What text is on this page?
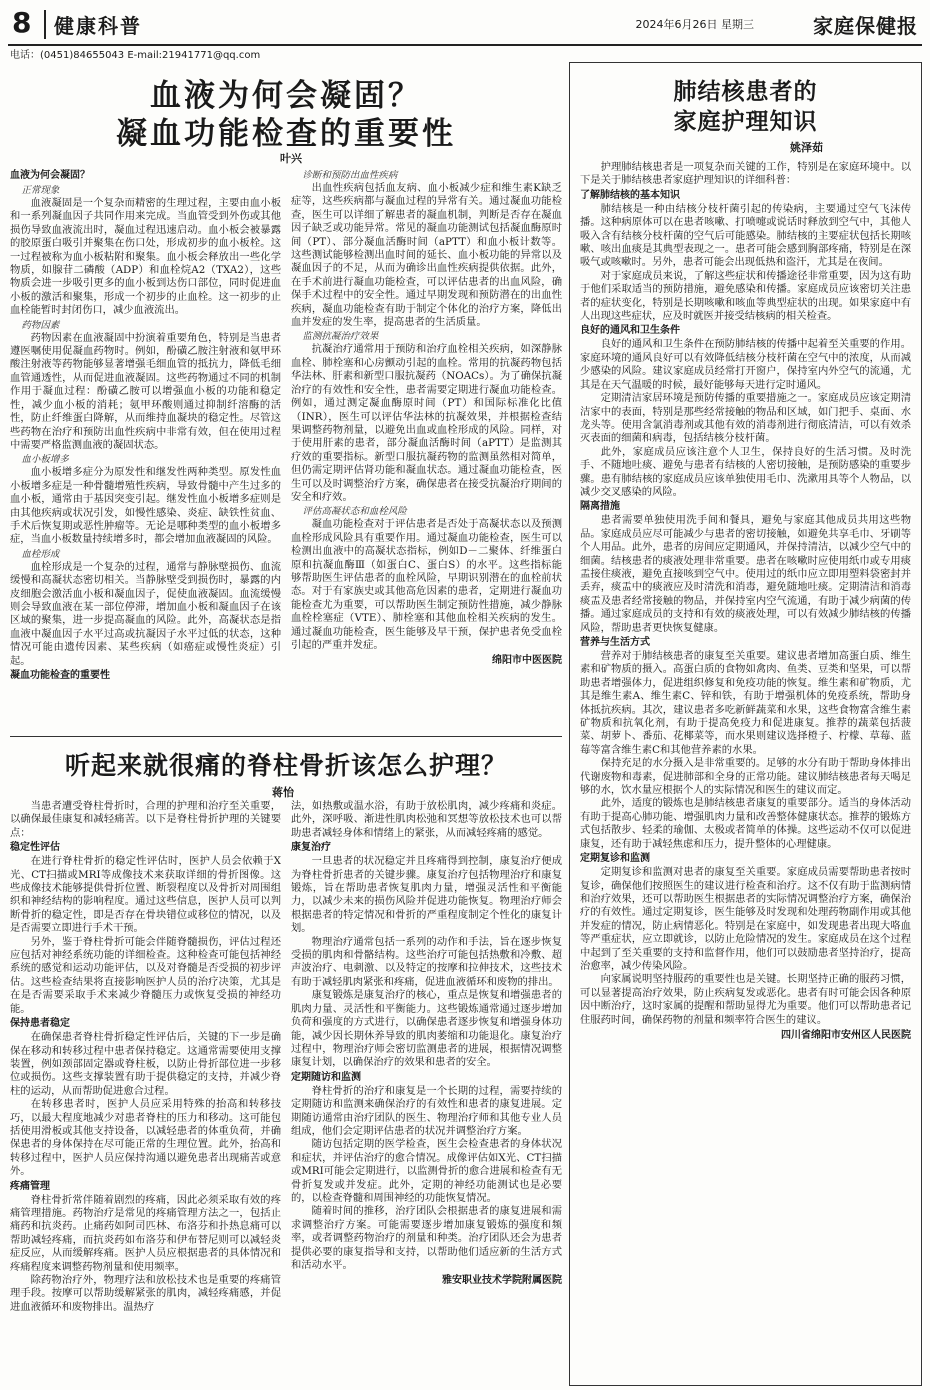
8	健康科普	2024年6月26日 星期三	家庭保健报
电话：(0451)84655043 E-mail:21941771@qq.com
血液为何会凝固？
凝血功能检查的重要性
叶兴
血液为何会凝固？
正常现象

血液凝固是一个复杂而精密的生理过程，主要由血小板和一系列凝血因子共同作用来完成。当血管受到外伤或其他损伤导致血液流出时，凝血过程迅速启动。血小板会被暴露的胶原蛋白吸引并聚集在伤口处，形成初步的血小板栓。这一过程被称为血小板粘附和聚集。血小板会释放出一些化学物质，如腺苷二磷酸（ADP）和血栓烷A2（TXA2），这些物质会进一步吸引更多的血小板到达伤口部位，同时促进血小板的激活和聚集，形成一个初步的止血栓。这一初步的止血栓能暂时封闭伤口，减少血液流出。

药物因素

药物因素在血液凝固中扮演着重要角色，特别是当患者遵医嘱使用促凝血药物时。例如，酚磺乙胺注射液和氨甲环酸注射液等药物能够显著增强毛细血管的抵抗力，降低毛细血管通透性，从而促进血液凝固。这些药物通过不同的机制作用于凝血过程：酚磺乙胺可以增强血小板的功能和稳定性，减少血小板的消耗；氨甲环酸则通过抑制纤溶酶的活性，防止纤维蛋白降解，从而维持血凝块的稳定性。尽管这些药物在治疗和预防出血性疾病中非常有效，但在使用过程中需要严格监测血液的凝固状态。

血小板增多

血小板增多症分为原发性和继发性两种类型。原发性血小板增多症是一种骨髓增殖性疾病，导致骨髓中产生过多的血小板，通常由于基因突变引起。继发性血小板增多症则是由其他疾病或状况引发，如慢性感染、炎症、缺铁性贫血、手术后恢复期或恶性肿瘤等。无论是哪种类型的血小板增多症，当血小板数量持续增多时，都会增加血液凝固的风险。

血栓形成

血栓形成是一个复杂的过程，通常与静脉壁损伤、血流缓慢和高凝状态密切相关。当静脉壁受到损伤时，暴露的内皮细胞会激活血小板和凝血因子，促使血液凝固。血流缓慢则会导致血液在某一部位停滞，增加血小板和凝血因子在该区域的聚集，进一步提高凝血的风险。此外，高凝状态是指血液中凝血因子水平过高或抗凝因子水平过低的状态，这种情况可能由遗传因素、某些疾病（如癌症或慢性炎症）引起。

凝血功能检查的重要性
诊断和预防出血性疾病

出血性疾病包括血友病、血小板减少症和维生素K缺乏症等，这些疾病都与凝血过程的异常有关。通过凝血功能检查，医生可以详细了解患者的凝血机制，判断是否存在凝血因子缺乏或功能异常。常见的凝血功能测试包括凝血酶原时间（PT）、部分凝血活酶时间（aPTT）和血小板计数等。这些测试能够检测出血时间的延长、血小板功能的异常以及凝血因子的不足，从而为确诊出血性疾病提供依据。此外，在手术前进行凝血功能检查，可以评估患者的出血风险，确保手术过程中的安全性。通过早期发现和预防潜在的出血性疾病，凝血功能检查有助于制定个体化的治疗方案，降低出血并发症的发生率，提高患者的生活质量。

监测抗凝治疗效果

抗凝治疗通常用于预防和治疗血栓相关疾病，如深静脉血栓、肺栓塞和心房颤动引起的血栓。常用的抗凝药物包括华法林、肝素和新型口服抗凝药（NOACs）。为了确保抗凝治疗的有效性和安全性，患者需要定期进行凝血功能检查。例如，通过测定凝血酶原时间（PT）和国际标准化比值（INR），医生可以评估华法林的抗凝效果，并根据检查结果调整药物剂量，以避免出血或血栓形成的风险。同样，对于使用肝素的患者，部分凝血活酶时间（aPTT）是监测其疗效的重要指标。新型口服抗凝药物的监测虽然相对简单，但仍需定期评估肾功能和凝血状态。通过凝血功能检查，医生可以及时调整治疗方案，确保患者在接受抗凝治疗期间的安全和疗效。

评估高凝状态和血栓风险

凝血功能检查对于评估患者是否处于高凝状态以及预测血栓形成风险具有重要作用。通过凝血功能检查，医生可以检测出血液中的高凝状态指标，例如D－二聚体、纤维蛋白原和抗凝血酶Ⅲ（如蛋白C、蛋白S）的水平。这些指标能够帮助医生评估患者的血栓风险，早期识别潜在的血栓前状态。对于有家族史或其他高危因素的患者，定期进行凝血功能检查尤为重要，可以帮助医生制定预防性措施，减少静脉血栓栓塞症（VTE）、肺栓塞和其他血栓相关疾病的发生。通过凝血功能检查，医生能够及早干预，保护患者免受血栓引起的严重并发症。

绵阳市中医医院
听起来就很痛的脊柱骨折该怎么护理？
蒋怡

当患者遭受脊柱骨折时，合理的护理和治疗至关重要，以确保最佳康复和减轻痛苦。以下是脊柱骨折护理的关键要点：

稳定性评估

在进行脊柱骨折的稳定性评估时，医护人员会依赖于X光、CT扫描或MRI等成像技术来获取详细的骨折图像。这些成像技术能够提供骨折位置、断裂程度以及骨折对周围组织和神经结构的影响程度。通过这些信息，医护人员可以判断骨折的稳定性，即是否存在骨块错位或移位的情况，以及是否需要立即进行手术干预。

另外，鉴于脊柱骨折可能会伴随脊髓损伤，评估过程还应包括对神经系统功能的详细检查。这种检查可能包括神经系统的感觉和运动功能评估，以及对脊髓是否受损的初步评估。这些检查结果将直接影响医护人员的治疗决策，尤其是在是否需要采取手术来减少脊髓压力或恢复受损的神经功能。

保持患者稳定

在确保患者脊柱骨折稳定性评估后，关键的下一步是确保在移动和转移过程中患者保持稳定。这通常需要使用支撑装置，例如颈部固定器或脊柱板，以防止骨折部位进一步移位或损伤。这些支撑装置有助于提供稳定的支持，并减少脊柱的运动，从而帮助促进愈合过程。

在转移患者时，医护人员应采用特殊的抬高和转移技巧，以最大程度地减少对患者脊柱的压力和移动。这可能包括使用滑板或其他支持设备，以减轻患者的体重负荷，并确保患者的身体保持在尽可能正常的生理位置。此外，抬高和转移过程中，医护人员应保持沟通以避免患者出现痛苦或意外。

疼痛管理

脊柱骨折常伴随着剧烈的疼痛，因此必须采取有效的疼痛管理措施。药物治疗是常见的疼痛管理方法之一，包括止痛药和抗炎药。止痛药如阿司匹林、布洛芬和扑热息痛可以帮助减轻疼痛，而抗炎药如布洛芬和伊布替尼则可以减轻炎症反应，从而缓解疼痛。医护人员应根据患者的具体情况和疼痛程度来调整药物剂量和使用频率。

除药物治疗外，物理疗法和放松技术也是重要的疼痛管理手段。按摩可以帮助缓解紧张的肌肉，减轻疼痛感，并促进血液循环和废物排出。温热疗

法，如热敷或温水浴，有助于放松肌肉，减少疼痛和炎症。此外，深呼吸、渐进性肌肉松弛和冥想等放松技术也可以帮助患者减轻身体和情绪上的紧张，从而减轻疼痛的感觉。

康复治疗

一旦患者的状况稳定并且疼痛得到控制，康复治疗便成为脊柱骨折患者的关键步骤。康复治疗包括物理治疗和康复锻炼，旨在帮助患者恢复肌肉力量，增强灵活性和平衡能力，以减少未来的损伤风险并促进功能恢复。物理治疗师会根据患者的特定情况和骨折的严重程度制定个性化的康复计划。

物理治疗通常包括一系列的动作和手法，旨在逐步恢复受损的肌肉和骨骼结构。这些治疗可能包括热敷和冷敷、超声波治疗、电刺激、以及特定的按摩和拉伸技术，这些技术有助于减轻肌肉紧张和疼痛，促进血液循环和废物的排出。

康复锻炼是康复治疗的核心，重点是恢复和增强患者的肌肉力量、灵活性和平衡能力。这些锻炼通常通过逐步增加负荷和强度的方式进行，以确保患者逐步恢复和增强身体功能，减少因长期休养导致的肌肉萎缩和功能退化。康复治疗过程中，物理治疗师会密切监测患者的进展，根据情况调整康复计划，以确保治疗的效果和患者的安全。

定期随访和监测

脊柱骨折的治疗和康复是一个长期的过程，需要持续的定期随访和监测来确保治疗的有效性和患者的康复进展。定期随访通常由治疗团队的医生、物理治疗师和其他专业人员组成，他们会定期评估患者的状况并调整治疗方案。

随访包括定期的医学检查，医生会检查患者的身体状况和症状，并评估治疗的愈合情况。成像评估如X光、CT扫描或MRI可能会定期进行，以监测骨折的愈合进展和检查有无骨折复发或并发症。此外，定期的神经功能测试也是必要的，以检查脊髓和周围神经的功能恢复情况。

随着时间的推移，治疗团队会根据患者的康复进展和需求调整治疗方案。可能需要逐步增加康复锻炼的强度和频率，或者调整药物治疗的剂量和种类。治疗团队还会为患者提供必要的康复指导和支持，以帮助他们适应新的生活方式和活动水平。

雅安职业技术学院附属医院
肺结核患者的
家庭护理知识
姚泽茹

护理肺结核患者是一项复杂而关键的工作，特别是在家庭环境中。以下是关于肺结核患者家庭护理知识的详细科普：

了解肺结核的基本知识

肺结核是一种由结核分枝杆菌引起的传染病，主要通过空气飞沫传播。这种病原体可以在患者咳嗽、打喷嚏或说话时释放到空气中，其他人吸入含有结核分枝杆菌的空气后可能感染。肺结核的主要症状包括长期咳嗽、咳出血痰是其典型表现之一。患者可能会感到胸部疼痛，特别是在深吸气或咳嗽时。另外，患者可能会出现低热和盗汗，尤其是在夜间。

对于家庭成员来说，了解这些症状和传播途径非常重要，因为这有助于他们采取适当的预防措施，避免感染和传播。家庭成员应该密切关注患者的症状变化，特别是长期咳嗽和咳血等典型症状的出现。如果家庭中有人出现这些症状，应及时就医并接受结核病的相关检查。

良好的通风和卫生条件

良好的通风和卫生条件在预防肺结核的传播中起着至关重要的作用。家庭环境的通风良好可以有效降低结核分枝杆菌在空气中的浓度，从而减少感染的风险。建议家庭成员经常打开窗户，保持室内外空气的流通，尤其是在天气温暖的时候，最好能够每天进行定时通风。

定期清洁家居环境是预防传播的重要措施之一。家庭成员应该定期清洁家中的表面，特别是那些经常接触的物品和区域，如门把手、桌面、水龙头等。使用含氯消毒剂或其他有效的消毒剂进行彻底清洁，可以有效杀灭表面的细菌和病毒，包括结核分枝杆菌。

此外，家庭成员应该注意个人卫生，保持良好的生活习惯。及时洗手、不随地吐痰、避免与患者有结核的人密切接触，是预防感染的重要步骤。患有肺结核的家庭成员应该单独使用毛巾、洗漱用具等个人物品，以减少交叉感染的风险。

隔离措施

患者需要单独使用洗手间和餐具，避免与家庭其他成员共用这些物品。家庭成员应尽可能减少与患者的密切接触，如避免共享毛巾、牙刷等个人用品。此外，患者的房间应定期通风，并保持清洁，以减少空气中的细菌。结核患者的痰液处理非常重要。患者在咳嗽时应使用纸巾或专用痰盂接住痰液，避免直接咳到空气中。使用过的纸巾应立即用塑料袋密封并丢弃，痰盂中的痰液应及时清洗和消毒，避免随地吐痰。定期清洁和消毒痰盂及患者经常接触的物品，并保持室内空气流通，有助于减少病菌的传播。通过家庭成员的支持和有效的痰液处理，可以有效减少肺结核的传播风险，帮助患者更快恢复健康。

营养与生活方式

营养对于肺结核患者的康复至关重要。建议患者增加高蛋白质、维生素和矿物质的摄入。高蛋白质的食物如禽肉、鱼类、豆类和坚果，可以帮助患者增强体力，促进组织修复和免疫功能的恢复。维生素和矿物质，尤其是维生素A、维生素C、锌和铁，有助于增强机体的免疫系统，帮助身体抵抗疾病。其次，建议患者多吃新鲜蔬菜和水果，这些食物富含维生素矿物质和抗氧化剂，有助于提高免疫力和促进康复。推荐的蔬菜包括菠菜、胡萝卜、番茄、花椰菜等，而水果则建议选择橙子、柠檬、草莓、蓝莓等富含维生素C和其他营养素的水果。

保持充足的水分摄入是非常重要的。足够的水分有助于帮助身体排出代谢废物和毒素，促进肺部和全身的正常功能。建议肺结核患者每天喝足够的水，饮水量应根据个人的实际情况和医生的建议而定。

此外，适度的锻炼也是肺结核患者康复的重要部分。适当的身体活动有助于提高心肺功能、增强肌肉力量和改善整体健康状态。推荐的锻炼方式包括散步、轻柔的瑜伽、太极或者简单的体操。这些运动不仅可以促进康复，还有助于减轻焦虑和压力，提升整体的心理健康。

定期复诊和监测

定期复诊和监测对患者的康复至关重要。家庭成员需要帮助患者按时复诊，确保他们按照医生的建议进行检查和治疗。这不仅有助于监测病情和治疗效果，还可以帮助医生根据患者的实际情况调整治疗方案，确保治疗的有效性。通过定期复诊，医生能够及时发现和处理药物副作用或其他并发症的情况，防止病情恶化。特别是在家庭中，如发现患者出现大咯血等严重症状，应立即就诊，以防止危险情况的发生。家庭成员在这个过程中起到了至关重要的支持和监督作用，他们可以鼓励患者坚持治疗，提高治愈率，减少传染风险。

向家属说明坚持服药的重要性也是关键。长期坚持正确的服药习惯，可以显著提高治疗效果，防止疾病复发或恶化。患者有时可能会因各种原因中断治疗，这时家属的提醒和帮助显得尤为重要。他们可以帮助患者记住服药时间，确保药物的剂量和频率符合医生的建议。

四川省绵阳市安州区人民医院
